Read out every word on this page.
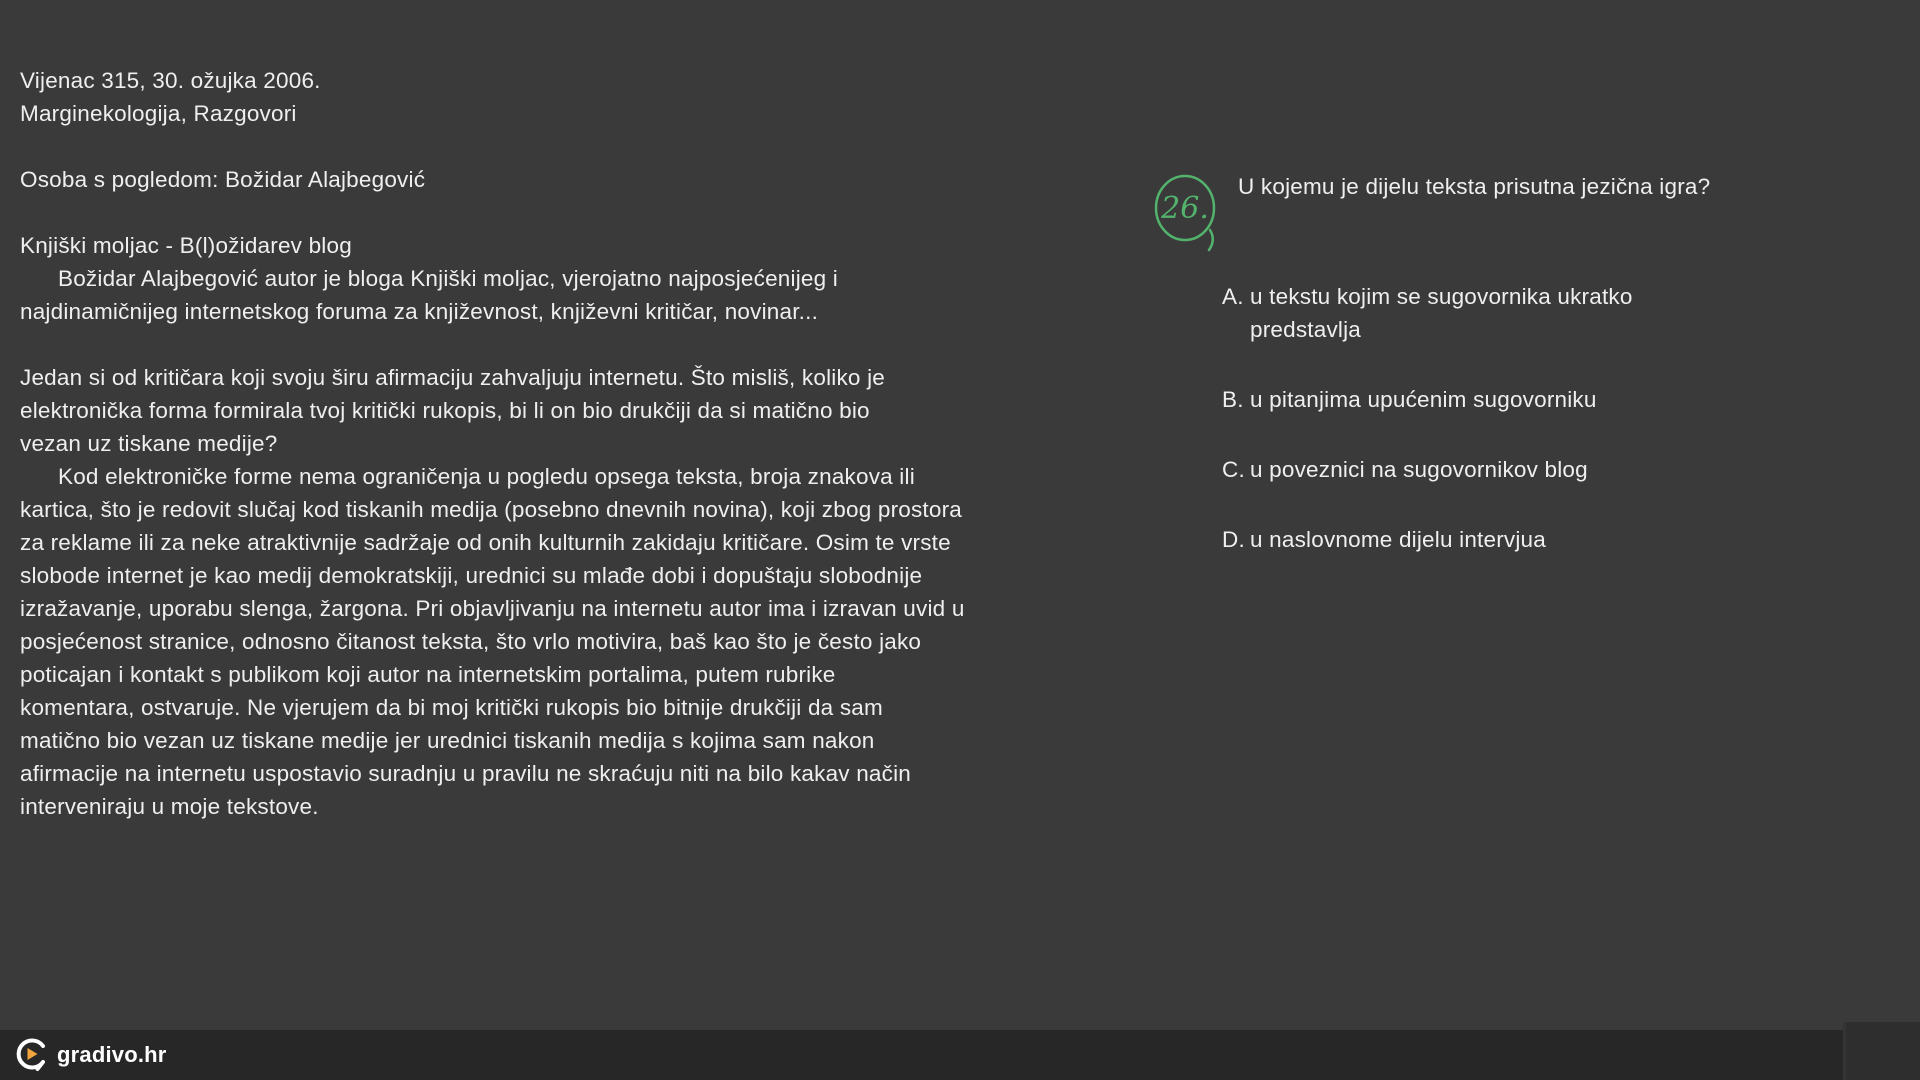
Vijenac 315, 30. ožujka 2006.
Marginekologija, Razgovori
Osoba s pogledom: Božidar Alajbegović
Knjiški moljac - B(l)ožidarev blog
Božidar Alajbegović autor je bloga Knjiški moljac, vjerojatno najposjećenijeg i
najdinamičnijeg internetskog foruma za književnost, književni kritičar, novinar...
Jedan si od kritičara koji svoju širu afirmaciju zahvaljuju internetu. Što misliš, koliko je
elektronička forma formirala tvoj kritički rukopis, bi li on bio drukčiji da si matično bio
vezan uz tiskane medije?
Kod elektroničke forme nema ograničenja u pogledu opsega teksta, broja znakova ili
kartica, što je redovit slučaj kod tiskanih medija (posebno dnevnih novina), koji zbog prostora
za reklame ili za neke atraktivnije sadržaje od onih kulturnih zakidaju kritičare. Osim te vrste
slobode internet je kao medij demokratskiji, urednici su mlađe dobi i dopuštaju slobodnije
izražavanje, uporabu slenga, žargona. Pri objavljivanju na internetu autor ima i izravan uvid u
posjećenost stranice, odnosno čitanost teksta, što vrlo motivira, baš kao što je često jako
poticajan i kontakt s publikom koji autor na internetskim portalima, putem rubrike
komentara, ostvaruje. Ne vjerujem da bi moj kritički rukopis bio bitnije drukčiji da sam
matično bio vezan uz tiskane medije jer urednici tiskanih medija s kojima sam nakon
afirmacije na internetu uspostavio suradnju u pravilu ne skraćuju niti na bilo kakav način
interveniraju u moje tekstove.
26.
U kojemu je dijelu teksta prisutna jezična igra?
A. u tekstu kojim se sugovornika ukratko
predstavlja
B. u pitanjima upućenim sugovorniku
C. u poveznici na sugovornikov blog
D. u naslovnome dijelu intervjua
gradivo.hr
